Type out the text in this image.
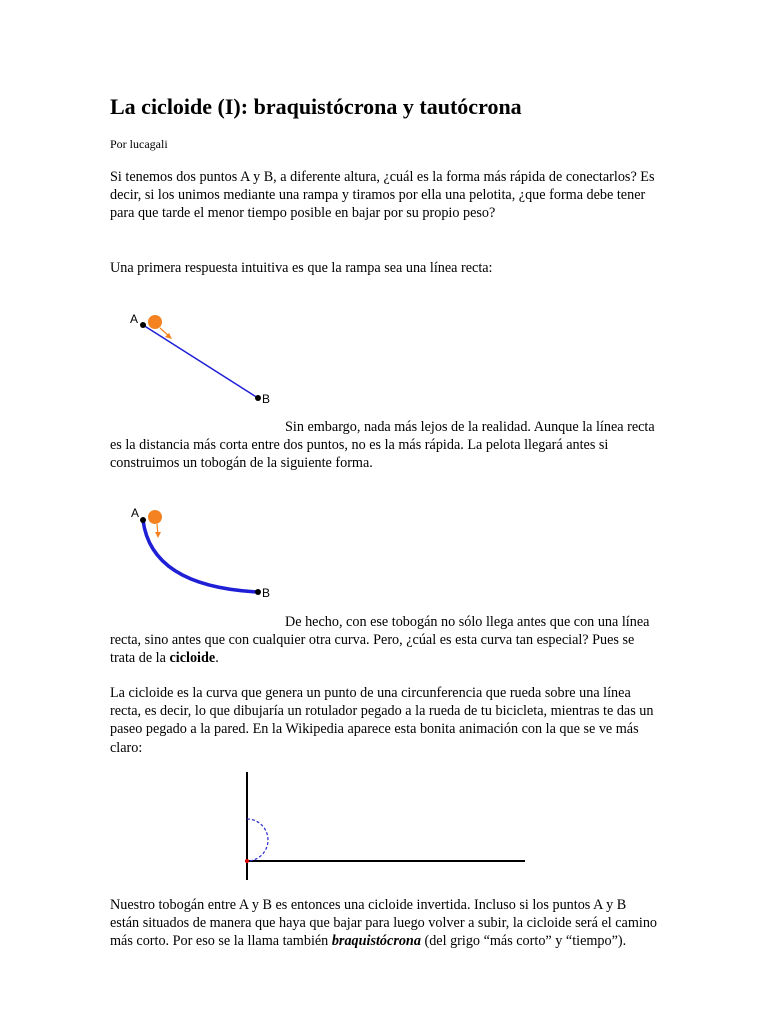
La cicloide (I): braquistócrona y tautócrona
Por lucagali

Si tenemos dos puntos A y B, a diferente altura, ¿cuál es la forma más rápida de conectarlos? Es decir, si los unimos mediante una rampa y tiramos por ella una pelotita, ¿que forma debe tener para que tarde el menor tiempo posible en bajar por su propio peso?

Una primera respuesta intuitiva es que la rampa sea una línea recta:

A
B

Sin embargo, nada más lejos de la realidad. Aunque la línea recta es la distancia más corta entre dos puntos, no es la más rápida. La pelota llegará antes si construimos un tobogán de la siguiente forma.

A
B

De hecho, con ese tobogán no sólo llega antes que con una línea recta, sino antes que con cualquier otra curva. Pero, ¿cúal es esta curva tan especial? Pues se trata de la cicloide.

La cicloide es la curva que genera un punto de una circunferencia que rueda sobre una línea recta, es decir, lo que dibujaría un rotulador pegado a la rueda de tu bicicleta, mientras te das un paseo pegado a la pared. En la Wikipedia aparece esta bonita animación con la que se ve más claro:

Nuestro tobogán entre A y B es entonces una cicloide invertida. Incluso si los puntos A y B están situados de manera que haya que bajar para luego volver a subir, la cicloide será el camino más corto. Por eso se la llama también braquistócrona (del grigo “más corto” y “tiempo”).
